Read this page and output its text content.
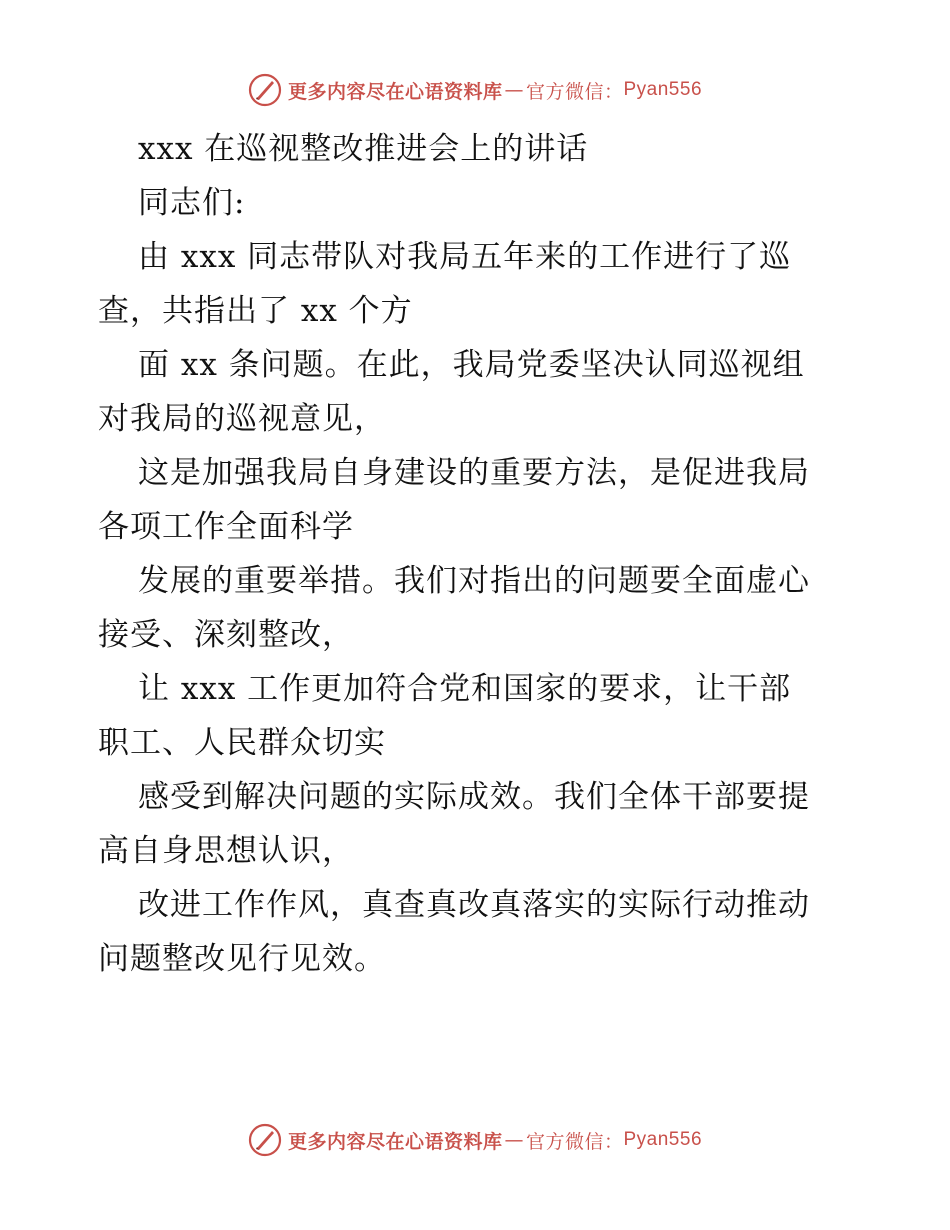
更多内容尽在心语资料库 — 官方微信： Pyan556
xxx 在巡视整改推进会上的讲话
同志们:
由 xxx 同志带队对我局五年来的工作进行了巡
查，共指出了 xx 个方
面 xx 条问题。在此，我局党委坚决认同巡视组
对我局的巡视意见，
这是加强我局自身建设的重要方法，是促进我局
各项工作全面科学
发展的重要举措。我们对指出的问题要全面虚心
接受、深刻整改，
让 xxx 工作更加符合党和国家的要求，让干部
职工、人民群众切实
感受到解决问题的实际成效。我们全体干部要提
高自身思想认识，
改进工作作风，真查真改真落实的实际行动推动
问题整改见行见效。
更多内容尽在心语资料库 — 官方微信： Pyan556
